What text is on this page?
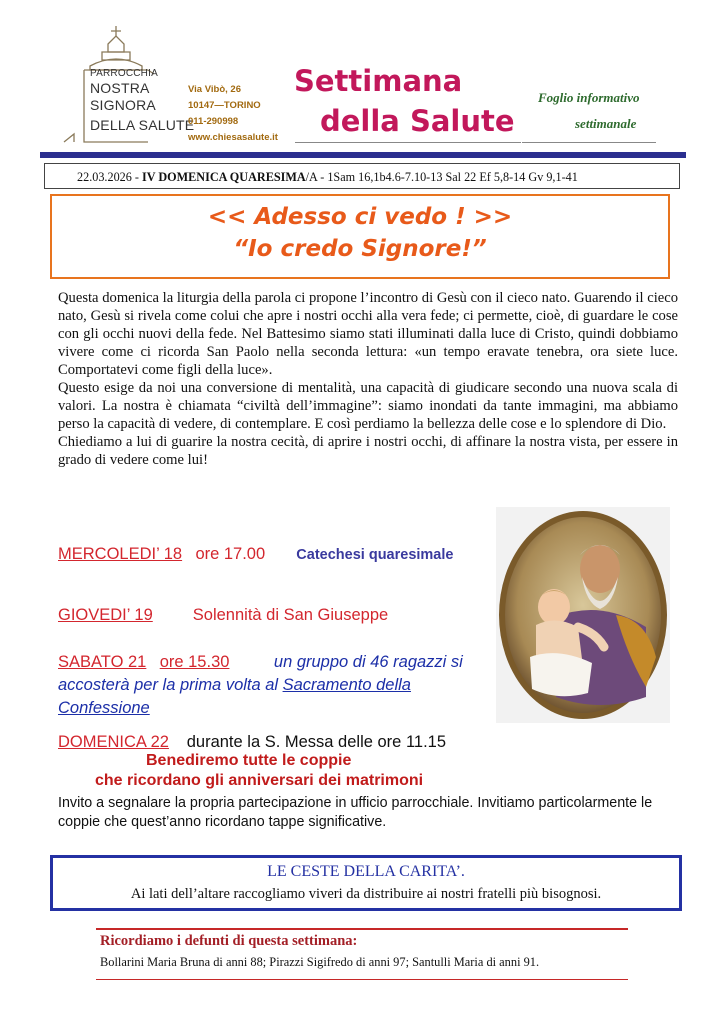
PARROCCHIA
NOSTRA
SIGNORA
DELLA SALUTE
Via Vibò, 26
10147—TORINO
011-290998
www.chiesasalute.it
Settimana
della Salute
Foglio informativo
settimanale
22.03.2026 - IV DOMENICA QUARESIMA/A - 1Sam 16,1b4.6-7.10-13 Sal 22 Ef 5,8-14 Gv 9,1-41
<< Adesso ci vedo ! >>
“Io credo Signore!”

Questa domenica la liturgia della parola ci propone l’incontro di Gesù con il cieco nato. Guarendo il cieco nato, Gesù si rivela come colui che apre i nostri occhi alla vera fede; ci permette, cioè, di guardare le cose con gli occhi nuovi della fede. Nel Battesimo siamo stati illuminati dalla luce di Cristo, quindi dobbiamo vivere come ci ricorda San Paolo nella seconda lettura: «un tempo eravate tenebra, ora siete luce. Comportatevi come figli della luce».

Questo esige da noi una conversione di mentalità, una capacità di giudicare secondo una nuova scala di valori. La nostra è chiamata “civiltà dell’immagine”: siamo inondati da tante immagini, ma abbiamo perso la capacità di vedere, di contemplare. E così perdiamo la bellezza delle cose e lo splendore di Dio.

Chiediamo a lui di guarire la nostra cecità, di aprire i nostri occhi, di affinare la nostra vista, per essere in grado di vedere come lui!

MERCOLEDI’ 18 ore 17.00 Catechesi quaresimale
GIOVEDI’ 19 Solennità di San Giuseppe
SABATO 21 ore 15.30	un gruppo di 46 ragazzi si accosterà per la prima volta al Sacramento della Confessione
DOMENICA 22 durante la S. Messa delle ore 11.15
Benediremo tutte le coppie
che ricordano gli anniversari dei matrimoni
Invito a segnalare la propria partecipazione in ufficio parrocchiale. Invitiamo particolarmente le coppie che quest’anno ricordano tappe significative.
LE CESTE DELLA CARITA’.
Ai lati dell’altare raccogliamo viveri da distribuire ai nostri fratelli più bisognosi.
Ricordiamo i defunti di questa settimana:
Bollarini Maria Bruna di anni 88; Pirazzi Sigifredo di anni 97; Santulli Maria di anni 91.
